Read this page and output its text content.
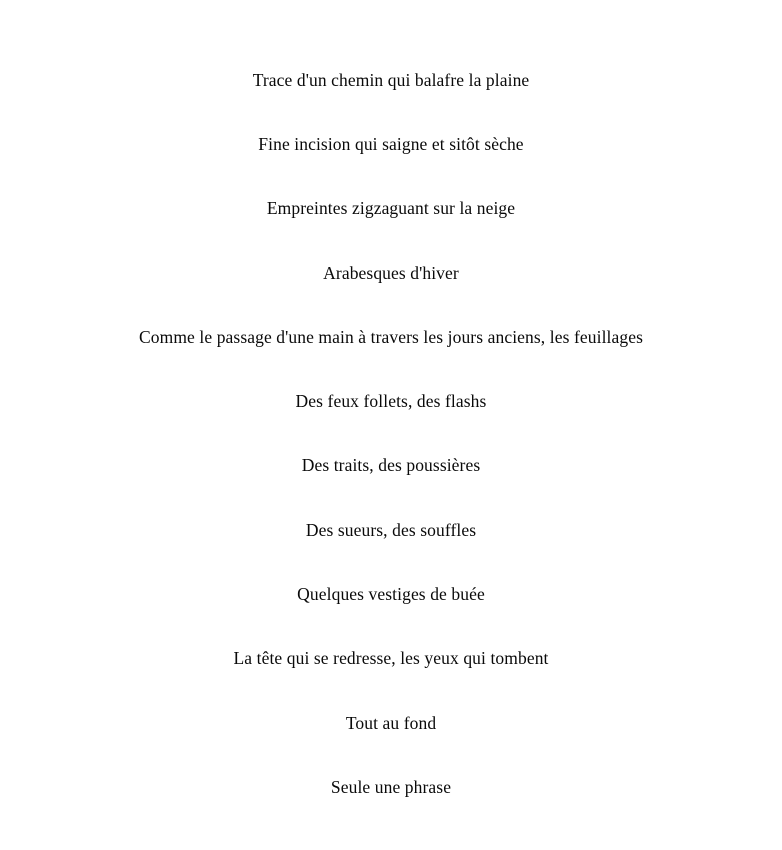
Trace d'un chemin qui balafre la plaine
Fine incision qui saigne et sitôt sèche
Empreintes zigzaguant sur la neige
Arabesques d'hiver
Comme le passage d'une main à travers les jours anciens, les feuillages
Des feux follets, des flashs
Des traits, des poussières
Des sueurs, des souffles
Quelques vestiges de buée
La tête qui se redresse, les yeux qui tombent
Tout au fond
Seule une phrase
